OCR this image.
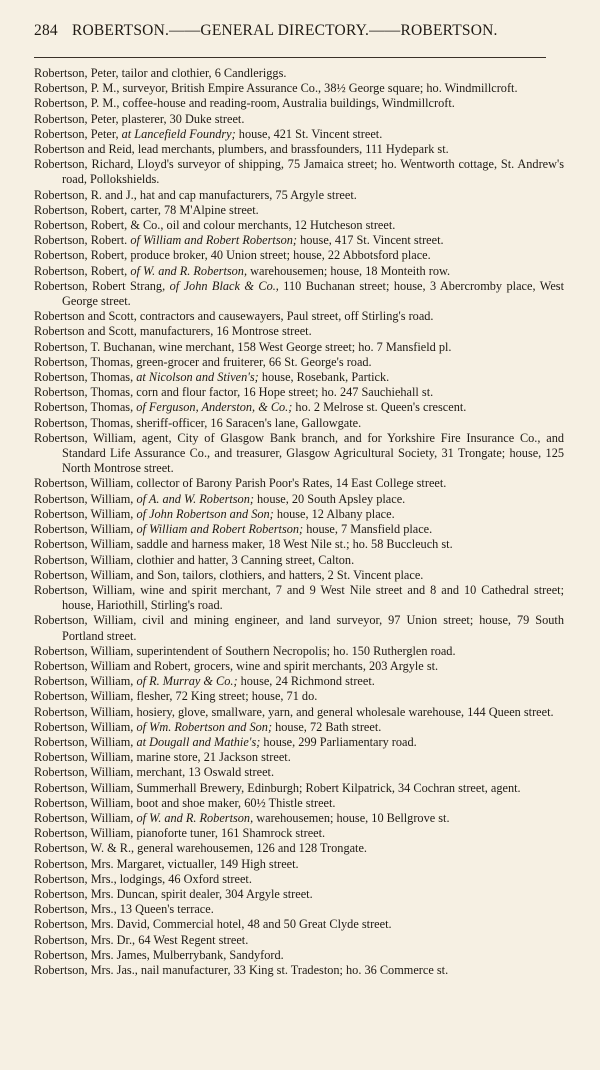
284 ROBERTSON.——GENERAL DIRECTORY.——ROBERTSON.
Robertson, Peter, tailor and clothier, 6 Candleriggs.
Robertson, P. M., surveyor, British Empire Assurance Co., 38½ George square; ho. Windmillcroft.
Robertson, P. M., coffee-house and reading-room, Australia buildings, Windmillcroft.
Robertson, Peter, plasterer, 30 Duke street.
Robertson, Peter, at Lancefield Foundry; house, 421 St. Vincent street.
Robertson and Reid, lead merchants, plumbers, and brassfounders, 111 Hydepark st.
Robertson, Richard, Lloyd's surveyor of shipping, 75 Jamaica street; ho. Wentworth cottage, St. Andrew's road, Pollokshields.
Robertson, R. and J., hat and cap manufacturers, 75 Argyle street.
Robertson, Robert, carter, 78 M'Alpine street.
Robertson, Robert, & Co., oil and colour merchants, 12 Hutcheson street.
Robertson, Robert. of William and Robert Robertson; house, 417 St. Vincent street.
Robertson, Robert, produce broker, 40 Union street; house, 22 Abbotsford place.
Robertson, Robert, of W. and R. Robertson, warehousemen; house, 18 Monteith row.
Robertson, Robert Strang, of John Black & Co., 110 Buchanan street; house, 3 Abercromby place, West George street.
Robertson and Scott, contractors and causewayers, Paul street, off Stirling's road.
Robertson and Scott, manufacturers, 16 Montrose street.
Robertson, T. Buchanan, wine merchant, 158 West George street; ho. 7 Mansfield pl.
Robertson, Thomas, green-grocer and fruiterer, 66 St. George's road.
Robertson, Thomas, at Nicolson and Stiven's; house, Rosebank, Partick.
Robertson, Thomas, corn and flour factor, 16 Hope street; ho. 247 Sauchiehall st.
Robertson, Thomas, of Ferguson, Anderston, & Co.; ho. 2 Melrose st. Queen's crescent.
Robertson, Thomas, sheriff-officer, 16 Saracen's lane, Gallowgate.
Robertson, William, agent, City of Glasgow Bank branch, and for Yorkshire Fire Insurance Co., and Standard Life Assurance Co., and treasurer, Glasgow Agricultural Society, 31 Trongate; house, 125 North Montrose street.
Robertson, William, collector of Barony Parish Poor's Rates, 14 East College street.
Robertson, William, of A. and W. Robertson; house, 20 South Apsley place.
Robertson, William, of John Robertson and Son; house, 12 Albany place.
Robertson, William, of William and Robert Robertson; house, 7 Mansfield place.
Robertson, William, saddle and harness maker, 18 West Nile st.; ho. 58 Buccleuch st.
Robertson, William, clothier and hatter, 3 Canning street, Calton.
Robertson, William, and Son, tailors, clothiers, and hatters, 2 St. Vincent place.
Robertson, William, wine and spirit merchant, 7 and 9 West Nile street and 8 and 10 Cathedral street; house, Hariothill, Stirling's road.
Robertson, William, civil and mining engineer, and land surveyor, 97 Union street; house, 79 South Portland street.
Robertson, William, superintendent of Southern Necropolis; ho. 150 Rutherglen road.
Robertson, William and Robert, grocers, wine and spirit merchants, 203 Argyle st.
Robertson, William, of R. Murray & Co.; house, 24 Richmond street.
Robertson, William, flesher, 72 King street; house, 71 do.
Robertson, William, hosiery, glove, smallware, yarn, and general wholesale warehouse, 144 Queen street.
Robertson, William, of Wm. Robertson and Son; house, 72 Bath street.
Robertson, William, at Dougall and Mathie's; house, 299 Parliamentary road.
Robertson, William, marine store, 21 Jackson street.
Robertson, William, merchant, 13 Oswald street.
Robertson, William, Summerhall Brewery, Edinburgh; Robert Kilpatrick, 34 Cochran street, agent.
Robertson, William, boot and shoe maker, 60½ Thistle street.
Robertson, William, of W. and R. Robertson, warehousemen; house, 10 Bellgrove st.
Robertson, William, pianoforte tuner, 161 Shamrock street.
Robertson, W. & R., general warehousemen, 126 and 128 Trongate.
Robertson, Mrs. Margaret, victualler, 149 High street.
Robertson, Mrs., lodgings, 46 Oxford street.
Robertson, Mrs. Duncan, spirit dealer, 304 Argyle street.
Robertson, Mrs., 13 Queen's terrace.
Robertson, Mrs. David, Commercial hotel, 48 and 50 Great Clyde street.
Robertson, Mrs. Dr., 64 West Regent street.
Robertson, Mrs. James, Mulberrybank, Sandyford.
Robertson, Mrs. Jas., nail manufacturer, 33 King st. Tradeston; ho. 36 Commerce st.
